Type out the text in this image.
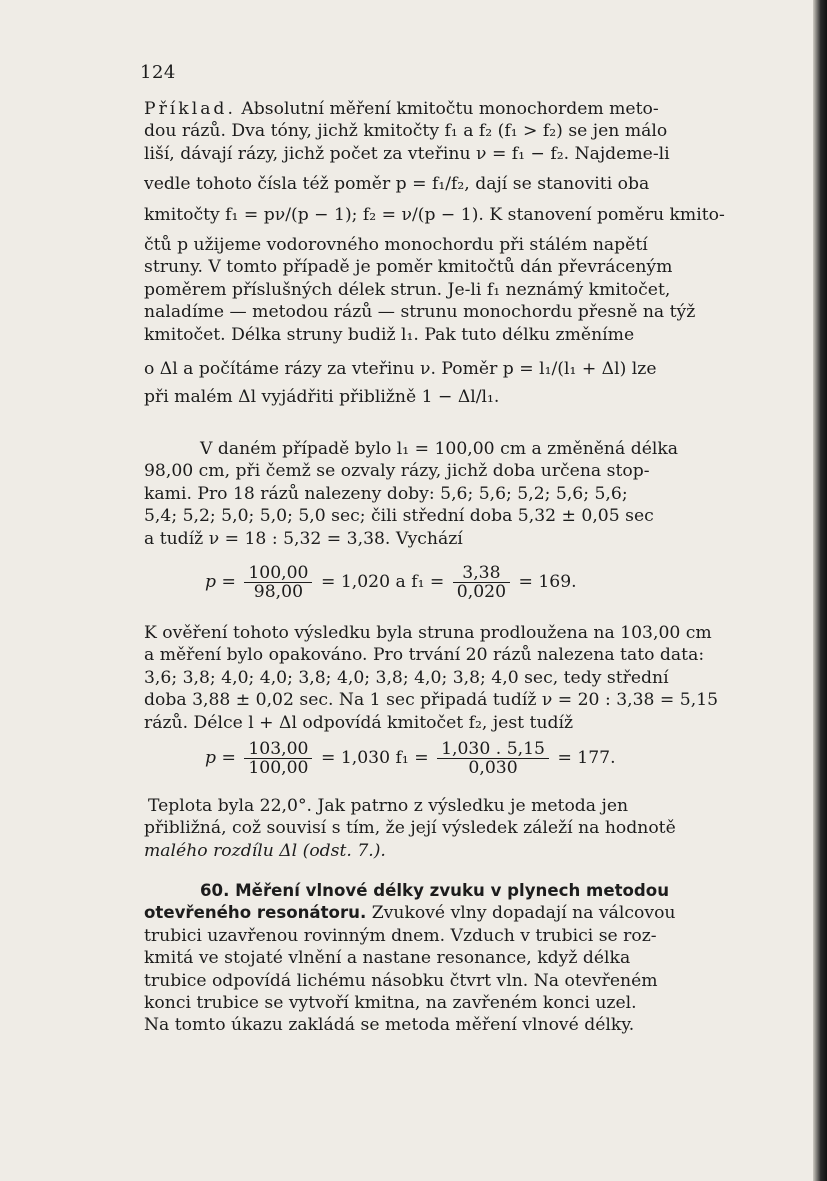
124
Příklad. Absolutní měření kmitočtu monochordem meto-
dou rázů. Dva tóny, jichž kmitočty f₁ a f₂ (f₁ > f₂) se jen málo
liší, dávají rázy, jichž počet za vteřinu ν = f₁ − f₂. Najdeme-li
vedle tohoto čísla též poměr p = f₁/f₂, dají se stanoviti oba
kmitočty f₁ = pν/(p − 1); f₂ = ν/(p − 1). K stanovení poměru kmito-
čtů p užijeme vodorovného monochordu při stálém napětí
struny. V tomto případě je poměr kmitočtů dán převráceným
poměrem příslušných délek strun. Je-li f₁ neznámý kmitočet,
naladíme — metodou rázů — strunu monochordu přesně na týž
kmitočet. Délka struny budiž l₁. Pak tuto délku změníme
o Δl a počítáme rázy za vteřinu ν. Poměr p = l₁/(l₁ + Δl) lze
při malém Δl vyjádřiti přibližně 1 − Δl/l₁.
V daném případě bylo l₁ = 100,00 cm a změněná délka
98,00 cm, při čemž se ozvaly rázy, jichž doba určena stop-
kami. Pro 18 rázů nalezeny doby: 5,6; 5,6; 5,2; 5,6; 5,6;
5,4; 5,2; 5,0; 5,0; 5,0 sec; čili střední doba 5,32 ± 0,05 sec
a tudíž ν = 18 : 5,32 = 3,38. Vychází
$p = \frac{100,00}{98,00} = 1,020$ a $f_1 = \frac{3,38}{0,020} = 169$.
K ověření tohoto výsledku byla struna prodloužena na 103,00 cm
a měření bylo opakováno. Pro trvání 20 rázů nalezena tato data:
3,6; 3,8; 4,0; 4,0; 3,8; 4,0; 3,8; 4,0; 3,8; 4,0 sec, tedy střední
doba 3,88 ± 0,02 sec. Na 1 sec připadá tudíž ν = 20 : 3,38 = 5,15
rázů. Délce l + Δl odpovídá kmitočet f₂, jest tudíž
$p = \frac{103,00}{100,00} = 1,030$ $f_1 = \frac{1,030 . 5,15}{0,030} = 177$.
Teplota byla 22,0°. Jak patrno z výsledku je metoda jen
přibližná, což souvisí s tím, že její výsledek záleží na hodnotě
malého rozdílu Δl (odst. 7.).
60. Měření vlnové délky zvuku v plynech metodou
otevřeného resonátoru. Zvukové vlny dopadají na válcovou
trubici uzavřenou rovinným dnem. Vzduch v trubici se roz-
kmitá ve stojaté vlnění a nastane resonance, když délka
trubice odpovídá lichému násobku čtvrt vln. Na otevřeném
konci trubice se vytvoří kmitna, na zavřeném konci uzel.
Na tomto úkazu zakládá se metoda měření vlnové délky.
